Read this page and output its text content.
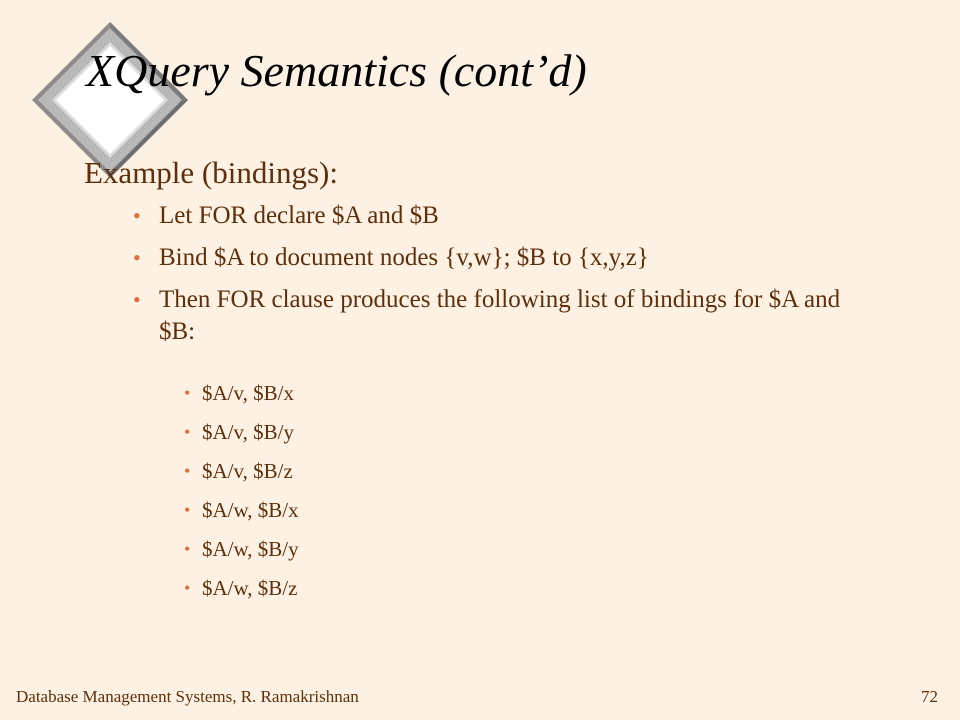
XQuery Semantics (cont’d)
Example (bindings):
• Let FOR declare $A and $B
• Bind $A to document nodes {v,w}; $B to {x,y,z}
• Then FOR clause produces the following list of bindings for $A and $B:
• $A/v, $B/x
• $A/v, $B/y
• $A/v, $B/z
• $A/w, $B/x
• $A/w, $B/y
• $A/w, $B/z
Database Management Systems, R. Ramakrishnan	72
